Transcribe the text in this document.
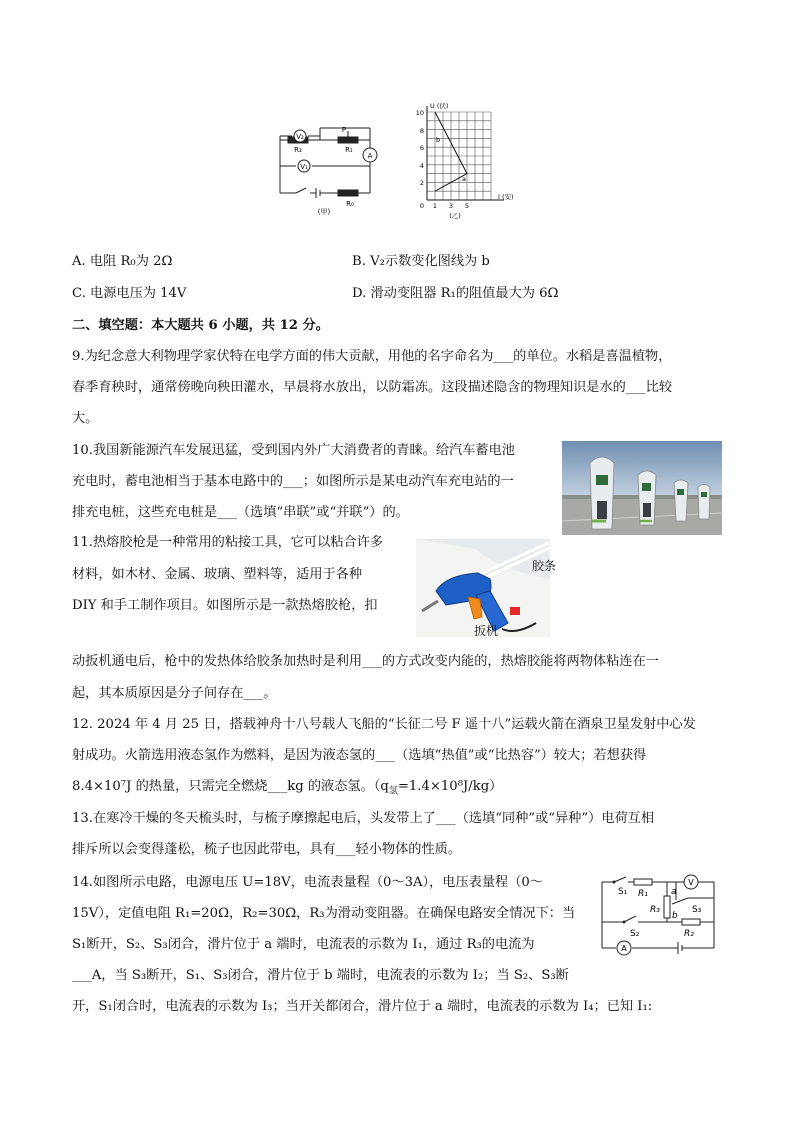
V₂
R₂
P
R₁
A
V₁
R₀
(甲)
U (伏)
I (安)
10
8
6
4
2
0 1 3 5
b
a
(乙)
A. 电阻 R₀为 2Ω	B. V₂示数变化图线为 b
C. 电源电压为 14V	D. 滑动变阻器 R₁的阻值最大为 6Ω
二、填空题：本大题共 6 小题，共 12 分。
9.为纪念意大利物理学家伏特在电学方面的伟大贡献，用他的名字命名为___的单位。水稻是喜温植物，
春季育秧时，通常傍晚向秧田灌水，早晨将水放出，以防霜冻。这段描述隐含的物理知识是水的___比较
大。
10.我国新能源汽车发展迅猛，受到国内外广大消费者的青睐。给汽车蓄电池
充电时，蓄电池相当于基本电路中的___；如图所示是某电动汽车充电站的一
排充电桩，这些充电桩是___（选填“串联”或“并联”）的。
11.热熔胶枪是一种常用的粘接工具，它可以粘合许多
材料，如木材、金属、玻璃、塑料等，适用于各种
DIY 和手工制作项目。如图所示是一款热熔胶枪，扣
动扳机通电后，枪中的发热体给胶条加热时是利用___的方式改变内能的，热熔胶能将两物体粘连在一
起，其本质原因是分子间存在___。
胶条
扳机
12. 2024 年 4 月 25 日，搭载神舟十八号载人飞船的“长征二号 F 遥十八”运载火箭在酒泉卫星发射中心发
射成功。火箭选用液态氢作为燃料，是因为液态氢的___（选填“热值”或“比热容”）较大；若想获得
8.4×10⁷J 的热量，只需完全燃烧___kg 的液态氢。$(q_氢=1.4\times 10^8J/kg)$
13.在寒冷干燥的冬天梳头时，与梳子摩擦起电后，头发带上了___（选填“同种”或“异种”）电荷互相
排斥所以会变得蓬松，梳子也因此带电，具有___轻小物体的性质。
14.如图所示电路，电源电压 U=18V，电流表量程（0～3A），电压表量程（0～
15V），定值电阻 R₁=20Ω，R₂=30Ω，R₃为滑动变阻器。在确保电路安全情况下：当
S₁断开，S₂、S₃闭合，滑片位于 a 端时，电流表的示数为 I₁，通过 R₃的电流为
___A，当 S₃断开，S₁、S₃闭合，滑片位于 b 端时，电流表的示数为 I₂；当 S₂、S₃断
开，S₁闭合时，电流表的示数为 I₃；当开关都闭合，滑片位于 a 端时，电流表的示数为 I₄；已知 I₁:
S₁ R₁	a
V
R₃
b
S₃
S₂	R₂
A
